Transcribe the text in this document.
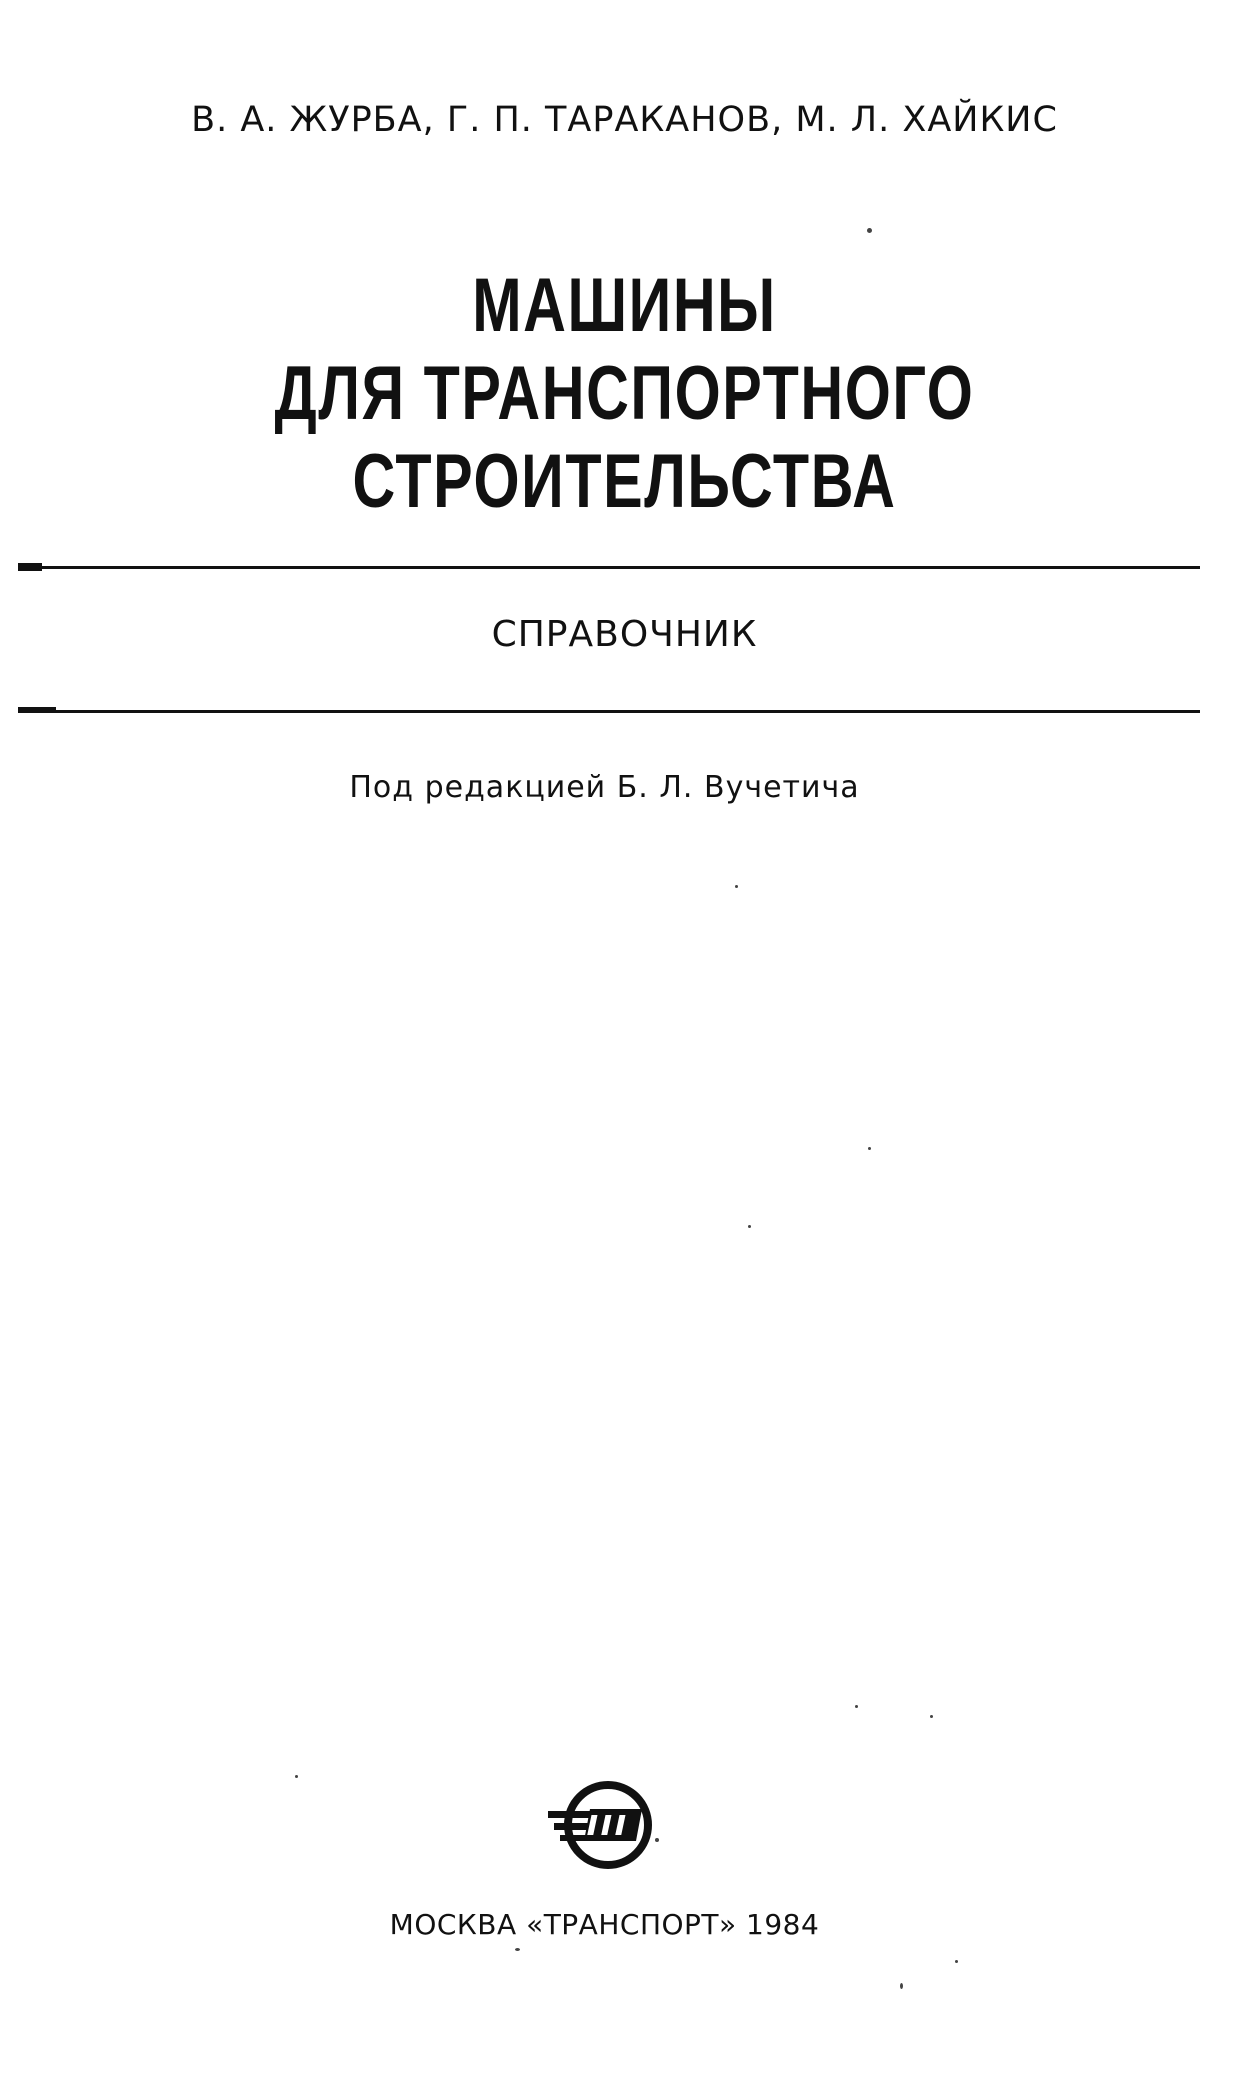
В. А. ЖУРБА, Г. П. ТАРАКАНОВ, М. Л. ХАЙКИС
МАШИНЫ
ДЛЯ ТРАНСПОРТНОГО
СТРОИТЕЛЬСТВА
СПРАВОЧНИК
Под редакцией Б. Л. Вучетича
МОСКВА «ТРАНСПОРТ» 1984
